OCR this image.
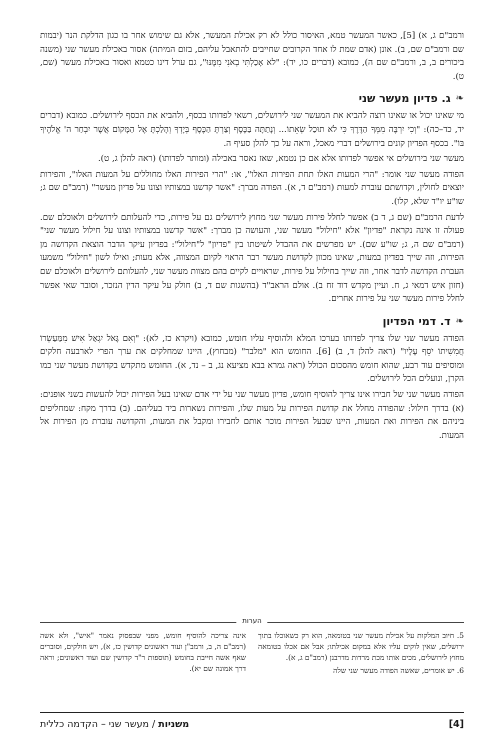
ורמב"ם ג, א) [5], כאשר המעשר טמא, האיסור כולל לא רק אכילת המעשר, אלא גם שימוש אחר בו כגון הדלקת הנר (יבמות שם ורמב"ם שם, ב). אונן (אדם שמת לו אחד הקרובים שחייבים להתאבל עליהם, בזום המיתה) אסור באכילת מעשר שני (משנה ביכורים ב, ב, ורמב"ם שם ה), כמובא (דברים כו, יד): "לא אָכַלְתִּי בְאֹנִי מִמֶּנּוּ", גם ערל דינו כטמא ואסור באכילת מעשר (שם, ט).

❧
ג. פדיון מעשר שני

מי שאינו יכול או שאינו רוצה להביא את המעשר שני לירושלים, רשאי לפדותו בכסף, ולהביא את הכסף לירושלים. כמובא (דברים יד, כד–כה): "וְכִי יִרְבֶּה מִמְּךָ הַדֶּרֶךְ כִּי לֹא תוּכַל שְׂאֵתוֹ... וְנָתַתָּה בַּכָּסֶף וְצַרְתָּ הַכֶּסֶף בְּיָדְךָ וְהָלַכְתָּ אֶל הַמָּקוֹם אֲשֶׁר יִבְחַר ה' אֱלֹהֶיךָ בּוֹ". בכסף הפדיון קונים בירושלים דברי מאכל, וראה על כך להלן סעיף ה.

מעשר שני בירושלים אי אפשר לפדותו אלא אם כן נטמא, שאז נאסר באכילה (ומותר לפדותו) (ראה להלן ג, ט).

הפודה מעשר שני אומר: "הרי המעות האלו תחת הפירות האלו", או: "הרי הפירות האלו מחוללים על המעות האלו", והפירות יוצאים לחולין, וקדושתם עוברת למעות (רמב"ם ד, א). הפודה מברך: "אשר קדשנו במצותיו וצונו על פדיון מעשר" (רמב"ם שם ג; שו"ע יו"ד שלא, קלו).

לדעת הרמב"ם (שם ג, ד ב) אפשר לחלל פירות מעשר שני מחוץ לירושלים גם על פירות, כדי להעלותם לירושלים ולאוכלם שם. פעולה זו אינה נקראת "פדיון" אלא "חילול" מעשר שני, והעושה כן מברך: "אשר קדשנו במצותיו וצונו על חילול מעשר שני" (רמב"ם שם ה, ג; שו"ע שם). יש מפרשים את ההבדל לשיטתו בין "פדיון" ל"חילול": בפדיון עיקר הדבר הוצאת הקדושה מן הפירות, וזה שייך בפדיון במעות, שאינו מכוון לקדושת מעשר רבר הראוי לקיום המצווה, אלא מעות; ואילו לשון "חילול" משמעו העברת הקדושה לדבר אחר, וזה שייך בחילול על פירות, שראויים לקיים בהם מצוות מעשר שני, להעלותם לירושלים ולאוכלם שם (חזון איש דמאי ג, ח. ועיין מקדש דוד זח ב). אולם הראב"ד (בהשגות שם ד, ב) חולק על עיקר הדין הנזכר, וסובר שאי אפשר לחלל פירות מעשר שני על פירות אחרים.

❧
ד. דמי הפדיון

הפודה מעשר שני שלו צריך לפדותו בערכו המלא ולהוסיף עליו חומש, כמובא (ויקרא כז, לא): "וְאִם גָּאֹל יִגְאַל אִישׁ מִמַּעַשְׂרוֹ חֲמִשִׁיתוֹ יֹסֵף עָלָיו" (ראה להלן ד, ב) [6]. החומש הוא "מלבר" (מבחוץ), היינו שמחלקים את ערך הפרי לארבעה חלקים ומוסיפים עוד רבע, שהוא חומש מהסכום הכולל (ראה גמרא בבא מציעא נג, ב – נד, א). החומש מתקדש בקדושת מעשר שני כמו הקרן, ונועלים הכל לירושלים.

הפודה מעשר שני של חבירו אינו צריך להוסיף חומש, פדיון מעשר שני על ידי אדם שאינו בעל הפירות יכול להעשות בשני אופנים: (א) בדרך חילול: שהפודה מחלל את קדושת הפירות על מעות שלו, והפירות נשארות ביד בעליהם. (ב) בדרך מקח: שמחליפים ביניהם את הפירות ואת המעות, היינו שבעל הפירות מוכר אותם לחבירו ומקבל את המעות, והקדושה עוברת מן הפירות אל המעות.

הערות

5. חיוב המלקות על אכילת מעשר שני בטומאה, הוא רק כשאוכלו בתוך ירושלים, שאין לוקים עליו אלא במקום אכילתו; אבל אם אכלו בטומאה מחוץ לירושלים, מכים אותו מכת מרדות מדרבנן (רמב"ם ג, א).

6. יש אומרים, שאשה הפודה מעשר שני שלה

אינה צריכה להוסיף חומש, מפני שבפסוק נאמר "איש", ולא אשה (רמב"ם ה, ב, ורמב"ן ועוד ראשונים קדושין כז, א), ויש חולקים, וסוברים שאף אשה חייבת בחומש (תוספות ר"ד קדושין שם ועוד ראשונים; וראה דרך אמונה שם יא).

משניות / מעשר שני – הקדמה כללית	[4]
